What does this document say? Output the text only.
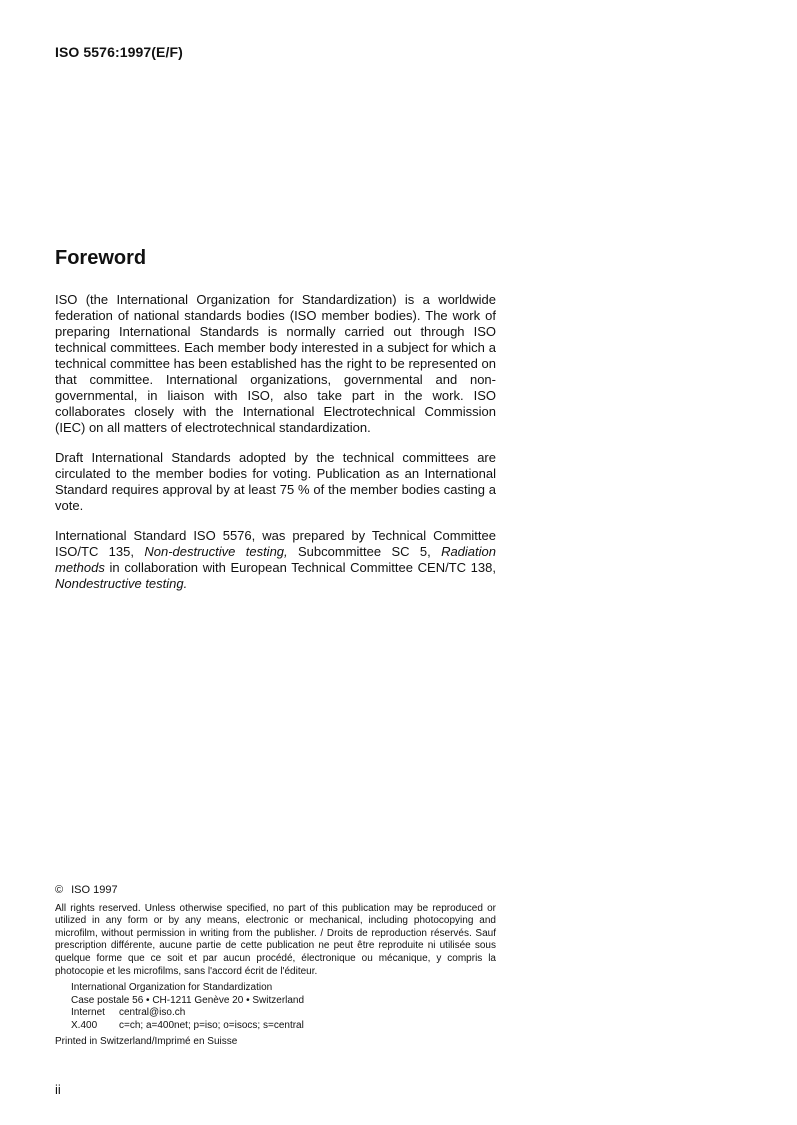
ISO 5576:1997(E/F)
Foreword

ISO (the International Organization for Standardization) is a worldwide federation of national standards bodies (ISO member bodies). The work of preparing International Standards is normally carried out through ISO technical committees. Each member body interested in a subject for which a technical committee has been established has the right to be represented on that committee. International organizations, governmental and non-governmental, in liaison with ISO, also take part in the work. ISO collaborates closely with the International Electrotechnical Commission (IEC) on all matters of electrotechnical standardization.

Draft International Standards adopted by the technical committees are circulated to the member bodies for voting. Publication as an International Standard requires approval by at least 75 % of the member bodies casting a vote.

International Standard ISO 5576, was prepared by Technical Committee ISO/TC 135, Non-destructive testing, Subcommittee SC 5, Radiation methods in collaboration with European Technical Committee CEN/TC 138, Nondestructive testing.

© ISO 1997
All rights reserved. Unless otherwise specified, no part of this publication may be reproduced or utilized in any form or by any means, electronic or mechanical, including photocopying and microfilm, without permission in writing from the publisher. / Droits de reproduction réservés. Sauf prescription différente, aucune partie de cette publication ne peut être reproduite ni utilisée sous quelque forme que ce soit et par aucun procédé, électronique ou mécanique, y compris la photocopie et les microfilms, sans l'accord écrit de l'éditeur.
International Organization for Standardization
Case postale 56 • CH-1211 Genève 20 • Switzerland
Internet	central@iso.ch
X.400	c=ch; a=400net; p=iso; o=isocs; s=central
Printed in Switzerland/Imprimé en Suisse
ii
